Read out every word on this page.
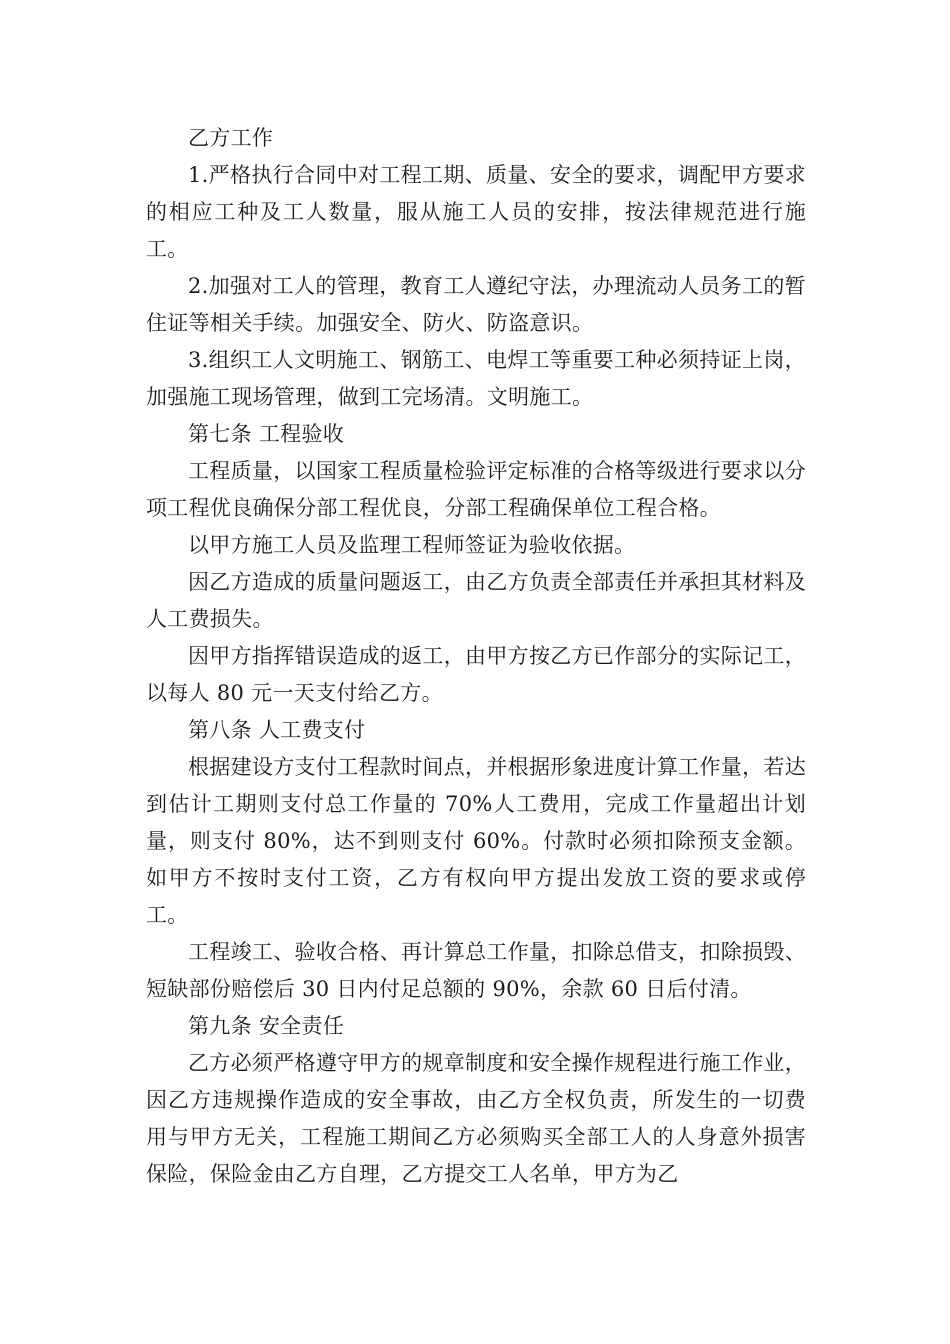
乙方工作

1.严格执行合同中对工程工期、质量、安全的要求，调配甲方要求的相应工种及工人数量，服从施工人员的安排，按法律规范进行施工。

2.加强对工人的管理，教育工人遵纪守法，办理流动人员务工的暂住证等相关手续。加强安全、防火、防盗意识。

3.组织工人文明施工、钢筋工、电焊工等重要工种必须持证上岗，加强施工现场管理，做到工完场清。文明施工。

第七条 工程验收

工程质量，以国家工程质量检验评定标准的合格等级进行要求以分项工程优良确保分部工程优良，分部工程确保单位工程合格。

以甲方施工人员及监理工程师签证为验收依据。

因乙方造成的质量问题返工，由乙方负责全部责任并承担其材料及人工费损失。

因甲方指挥错误造成的返工，由甲方按乙方已作部分的实际记工，以每人 80 元一天支付给乙方。

第八条 人工费支付

根据建设方支付工程款时间点，并根据形象进度计算工作量，若达到估计工期则支付总工作量的 70%人工费用，完成工作量超出计划量，则支付 80%，达不到则支付 60%。付款时必须扣除预支金额。如甲方不按时支付工资，乙方有权向甲方提出发放工资的要求或停工。

工程竣工、验收合格、再计算总工作量，扣除总借支，扣除损毁、短缺部份赔偿后 30 日内付足总额的 90%，余款 60 日后付清。

第九条 安全责任

乙方必须严格遵守甲方的规章制度和安全操作规程进行施工作业，因乙方违规操作造成的安全事故，由乙方全权负责，所发生的一切费用与甲方无关，工程施工期间乙方必须购买全部工人的人身意外损害保险，保险金由乙方自理，乙方提交工人名单，甲方为乙
